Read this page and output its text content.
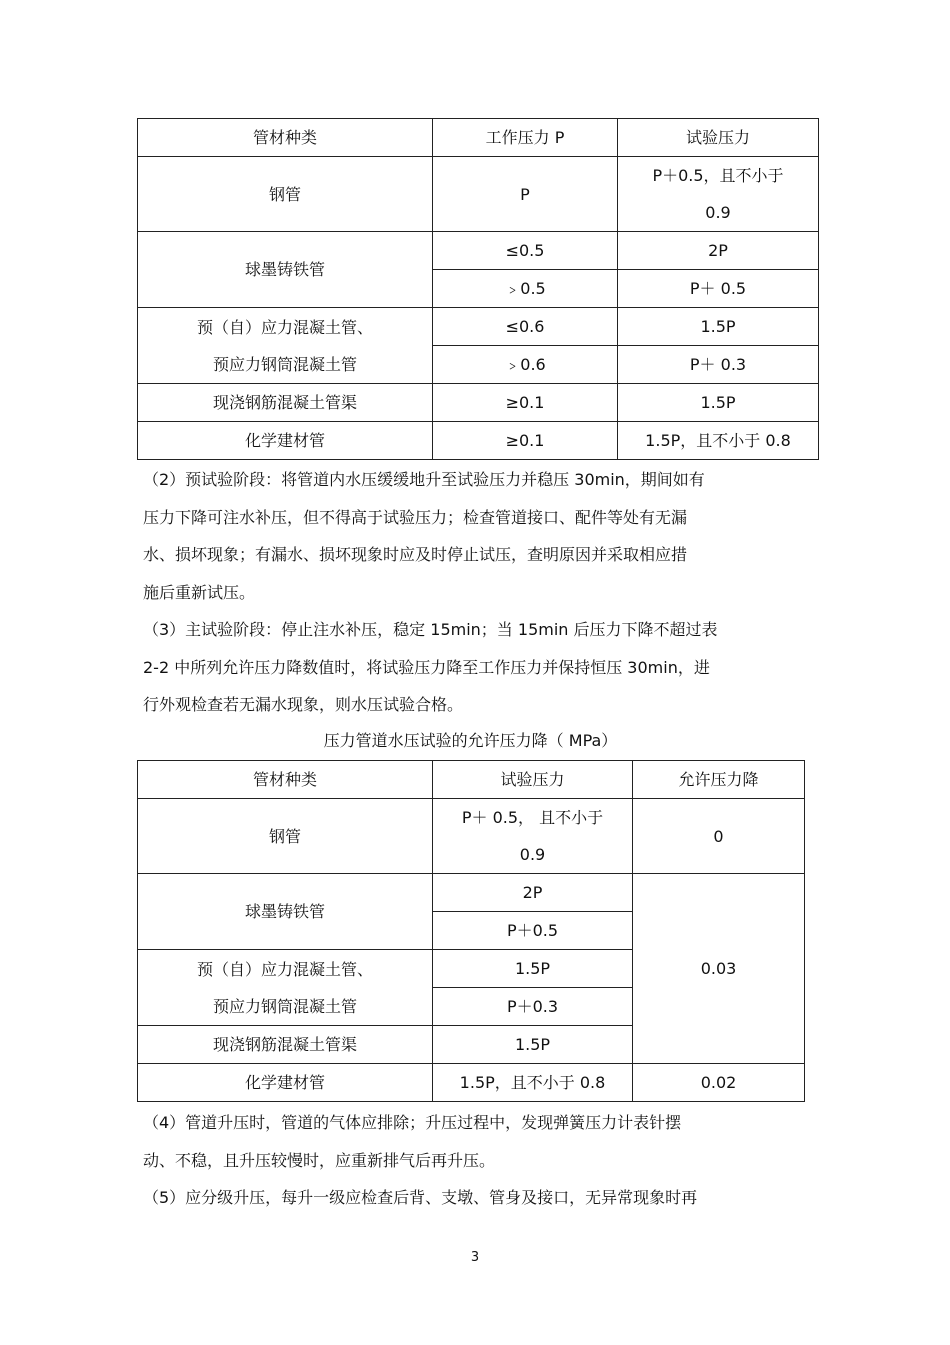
管材种类	工作压力 P	试验压力
钢管	P	P＋0.5，且不小于
0.9

球墨铸铁管	≤0.5	2P
	﹥0.5	P＋ 0.5

预（自）应力混凝土管、
预应力钢筒混凝土管	≤0.6	1.5P
	﹥0.6	P＋ 0.3
现浇钢筋混凝土管渠	≥0.1	1.5P
化学建材管	≥0.1	1.5P，且不小于 0.8
（2）预试验阶段：将管道内水压缓缓地升至试验压力并稳压 30min，期间如有
压力下降可注水补压，但不得高于试验压力；检查管道接口、配件等处有无漏
水、损坏现象；有漏水、损坏现象时应及时停止试压，查明原因并采取相应措
施后重新试压。
（3）主试验阶段：停止注水补压，稳定 15min；当 15min 后压力下降不超过表
2-2 中所列允许压力降数值时，将试验压力降至工作压力并保持恒压 30min，进
行外观检查若无漏水现象，则水压试验合格。
压力管道水压试验的允许压力降（ MPa）
管材种类	试验压力	允许压力降
钢管	P＋ 0.5， 且不小于
0.9	0
球墨铸铁管	2P	0.03
	P＋0.5	

预（自）应力混凝土管、
预应力钢筒混凝土管	1.5P	
	P＋0.3	
现浇钢筋混凝土管渠	1.5P	
化学建材管	1.5P，且不小于 0.8	0.02
（4）管道升压时，管道的气体应排除；升压过程中，发现弹簧压力计表针摆
动、不稳，且升压较慢时，应重新排气后再升压。
（5）应分级升压，每升一级应检查后背、支墩、管身及接口，无异常现象时再
3
